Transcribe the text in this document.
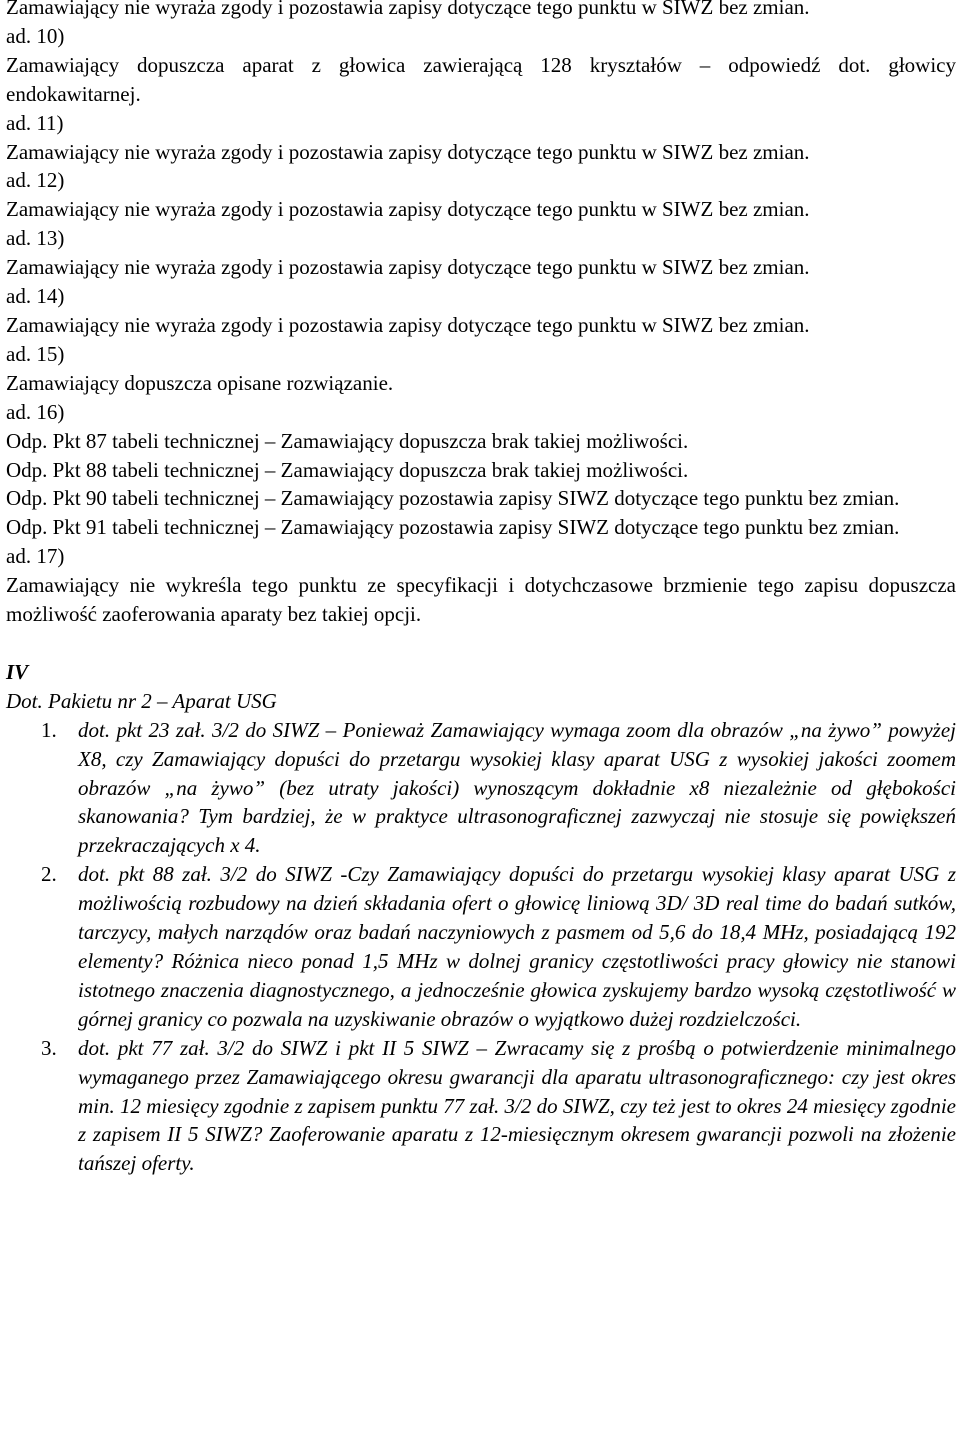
Zamawiający nie wyraża zgody i pozostawia zapisy dotyczące tego punktu w SIWZ bez zmian.

ad. 10)

Zamawiający dopuszcza aparat z głowica zawierającą 128 kryształów – odpowiedź dot. głowicy endokawitarnej.

ad. 11)

Zamawiający nie wyraża zgody i pozostawia zapisy dotyczące tego punktu w SIWZ bez zmian.

ad. 12)

Zamawiający nie wyraża zgody i pozostawia zapisy dotyczące tego punktu w SIWZ bez zmian.

ad. 13)

Zamawiający nie wyraża zgody i pozostawia zapisy dotyczące tego punktu w SIWZ bez zmian.

ad. 14)

Zamawiający nie wyraża zgody i pozostawia zapisy dotyczące tego punktu w SIWZ bez zmian.

ad. 15)

Zamawiający dopuszcza opisane rozwiązanie.

ad. 16)

Odp. Pkt 87 tabeli technicznej – Zamawiający dopuszcza brak takiej możliwości.

Odp. Pkt 88 tabeli technicznej – Zamawiający dopuszcza brak takiej możliwości.

Odp. Pkt 90 tabeli technicznej – Zamawiający pozostawia zapisy SIWZ dotyczące tego punktu bez zmian.

Odp. Pkt 91 tabeli technicznej – Zamawiający pozostawia zapisy SIWZ dotyczące tego punktu bez zmian.

ad. 17)

Zamawiający nie wykreśla tego punktu ze specyfikacji i dotychczasowe brzmienie tego zapisu dopuszcza możliwość zaoferowania aparaty bez takiej opcji.

IV

Dot. Pakietu nr 2 – Aparat USG

1. dot. pkt 23 zał. 3/2 do SIWZ – Ponieważ Zamawiający wymaga zoom dla obrazów „na żywo” powyżej X8, czy Zamawiający dopuści do przetargu wysokiej klasy aparat USG z wysokiej jakości zoomem obrazów „na żywo” (bez utraty jakości) wynoszącym dokładnie x8 niezależnie od głębokości skanowania? Tym bardziej, że w praktyce ultrasonograficznej zazwyczaj nie stosuje się powiększeń przekraczających x 4.
2. dot. pkt 88 zał. 3/2 do SIWZ -Czy Zamawiający dopuści do przetargu wysokiej klasy aparat USG z możliwością rozbudowy na dzień składania ofert o głowicę liniową 3D/ 3D real time do badań sutków, tarczycy, małych narządów oraz badań naczyniowych z pasmem od 5,6 do 18,4 MHz, posiadającą 192 elementy? Różnica nieco ponad 1,5 MHz w dolnej granicy częstotliwości pracy głowicy nie stanowi istotnego znaczenia diagnostycznego, a jednocześnie głowica zyskujemy bardzo wysoką częstotliwość w górnej granicy co pozwala na uzyskiwanie obrazów o wyjątkowo dużej rozdzielczości.
3. dot. pkt 77 zał. 3/2 do SIWZ i pkt II 5 SIWZ – Zwracamy się z prośbą o potwierdzenie minimalnego wymaganego przez Zamawiającego okresu gwarancji dla aparatu ultrasonograficznego: czy jest okres min. 12 miesięcy zgodnie z zapisem punktu 77 zał. 3/2 do SIWZ, czy też jest to okres 24 miesięcy zgodnie z zapisem II 5 SIWZ? Zaoferowanie aparatu z 12-miesięcznym okresem gwarancji pozwoli na złożenie tańszej oferty.
